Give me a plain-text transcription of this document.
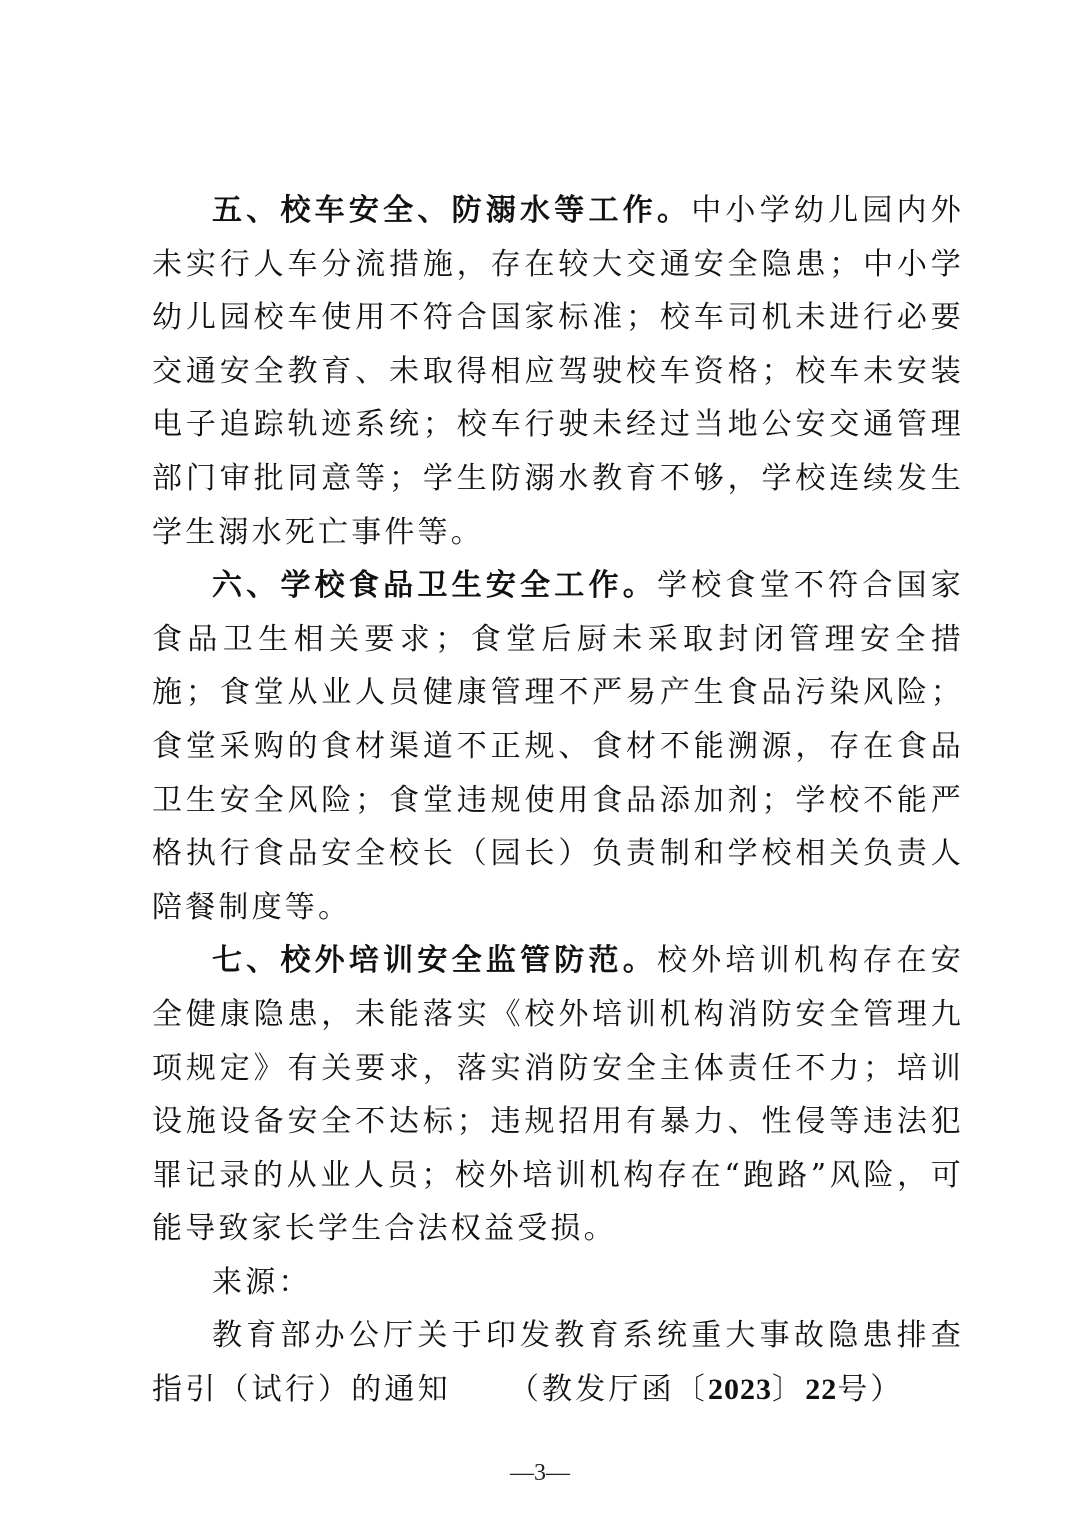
五、校车安全、防溺水等工作。中小学幼儿园内外未实行人车分流措施，存在较大交通安全隐患；中小学幼儿园校车使用不符合国家标准；校车司机未进行必要交通安全教育、未取得相应驾驶校车资格；校车未安装电子追踪轨迹系统；校车行驶未经过当地公安交通管理部门审批同意等；学生防溺水教育不够，学校连续发生学生溺水死亡事件等。

六、学校食品卫生安全工作。学校食堂不符合国家食品卫生相关要求；食堂后厨未采取封闭管理安全措施；食堂从业人员健康管理不严易产生食品污染风险；食堂采购的食材渠道不正规、食材不能溯源，存在食品卫生安全风险；食堂违规使用食品添加剂；学校不能严格执行食品安全校长（园长）负责制和学校相关负责人陪餐制度等。

七、校外培训安全监管防范。校外培训机构存在安全健康隐患，未能落实《校外培训机构消防安全管理九项规定》有关要求，落实消防安全主体责任不力；培训设施设备安全不达标；违规招用有暴力、性侵等违法犯罪记录的从业人员；校外培训机构存在“跑路”风险，可能导致家长学生合法权益受损。

来源：

教育部办公厅关于印发教育系统重大事故隐患排查指引（试行）的通知 （教发厅函〔2023〕22号）

—3—
